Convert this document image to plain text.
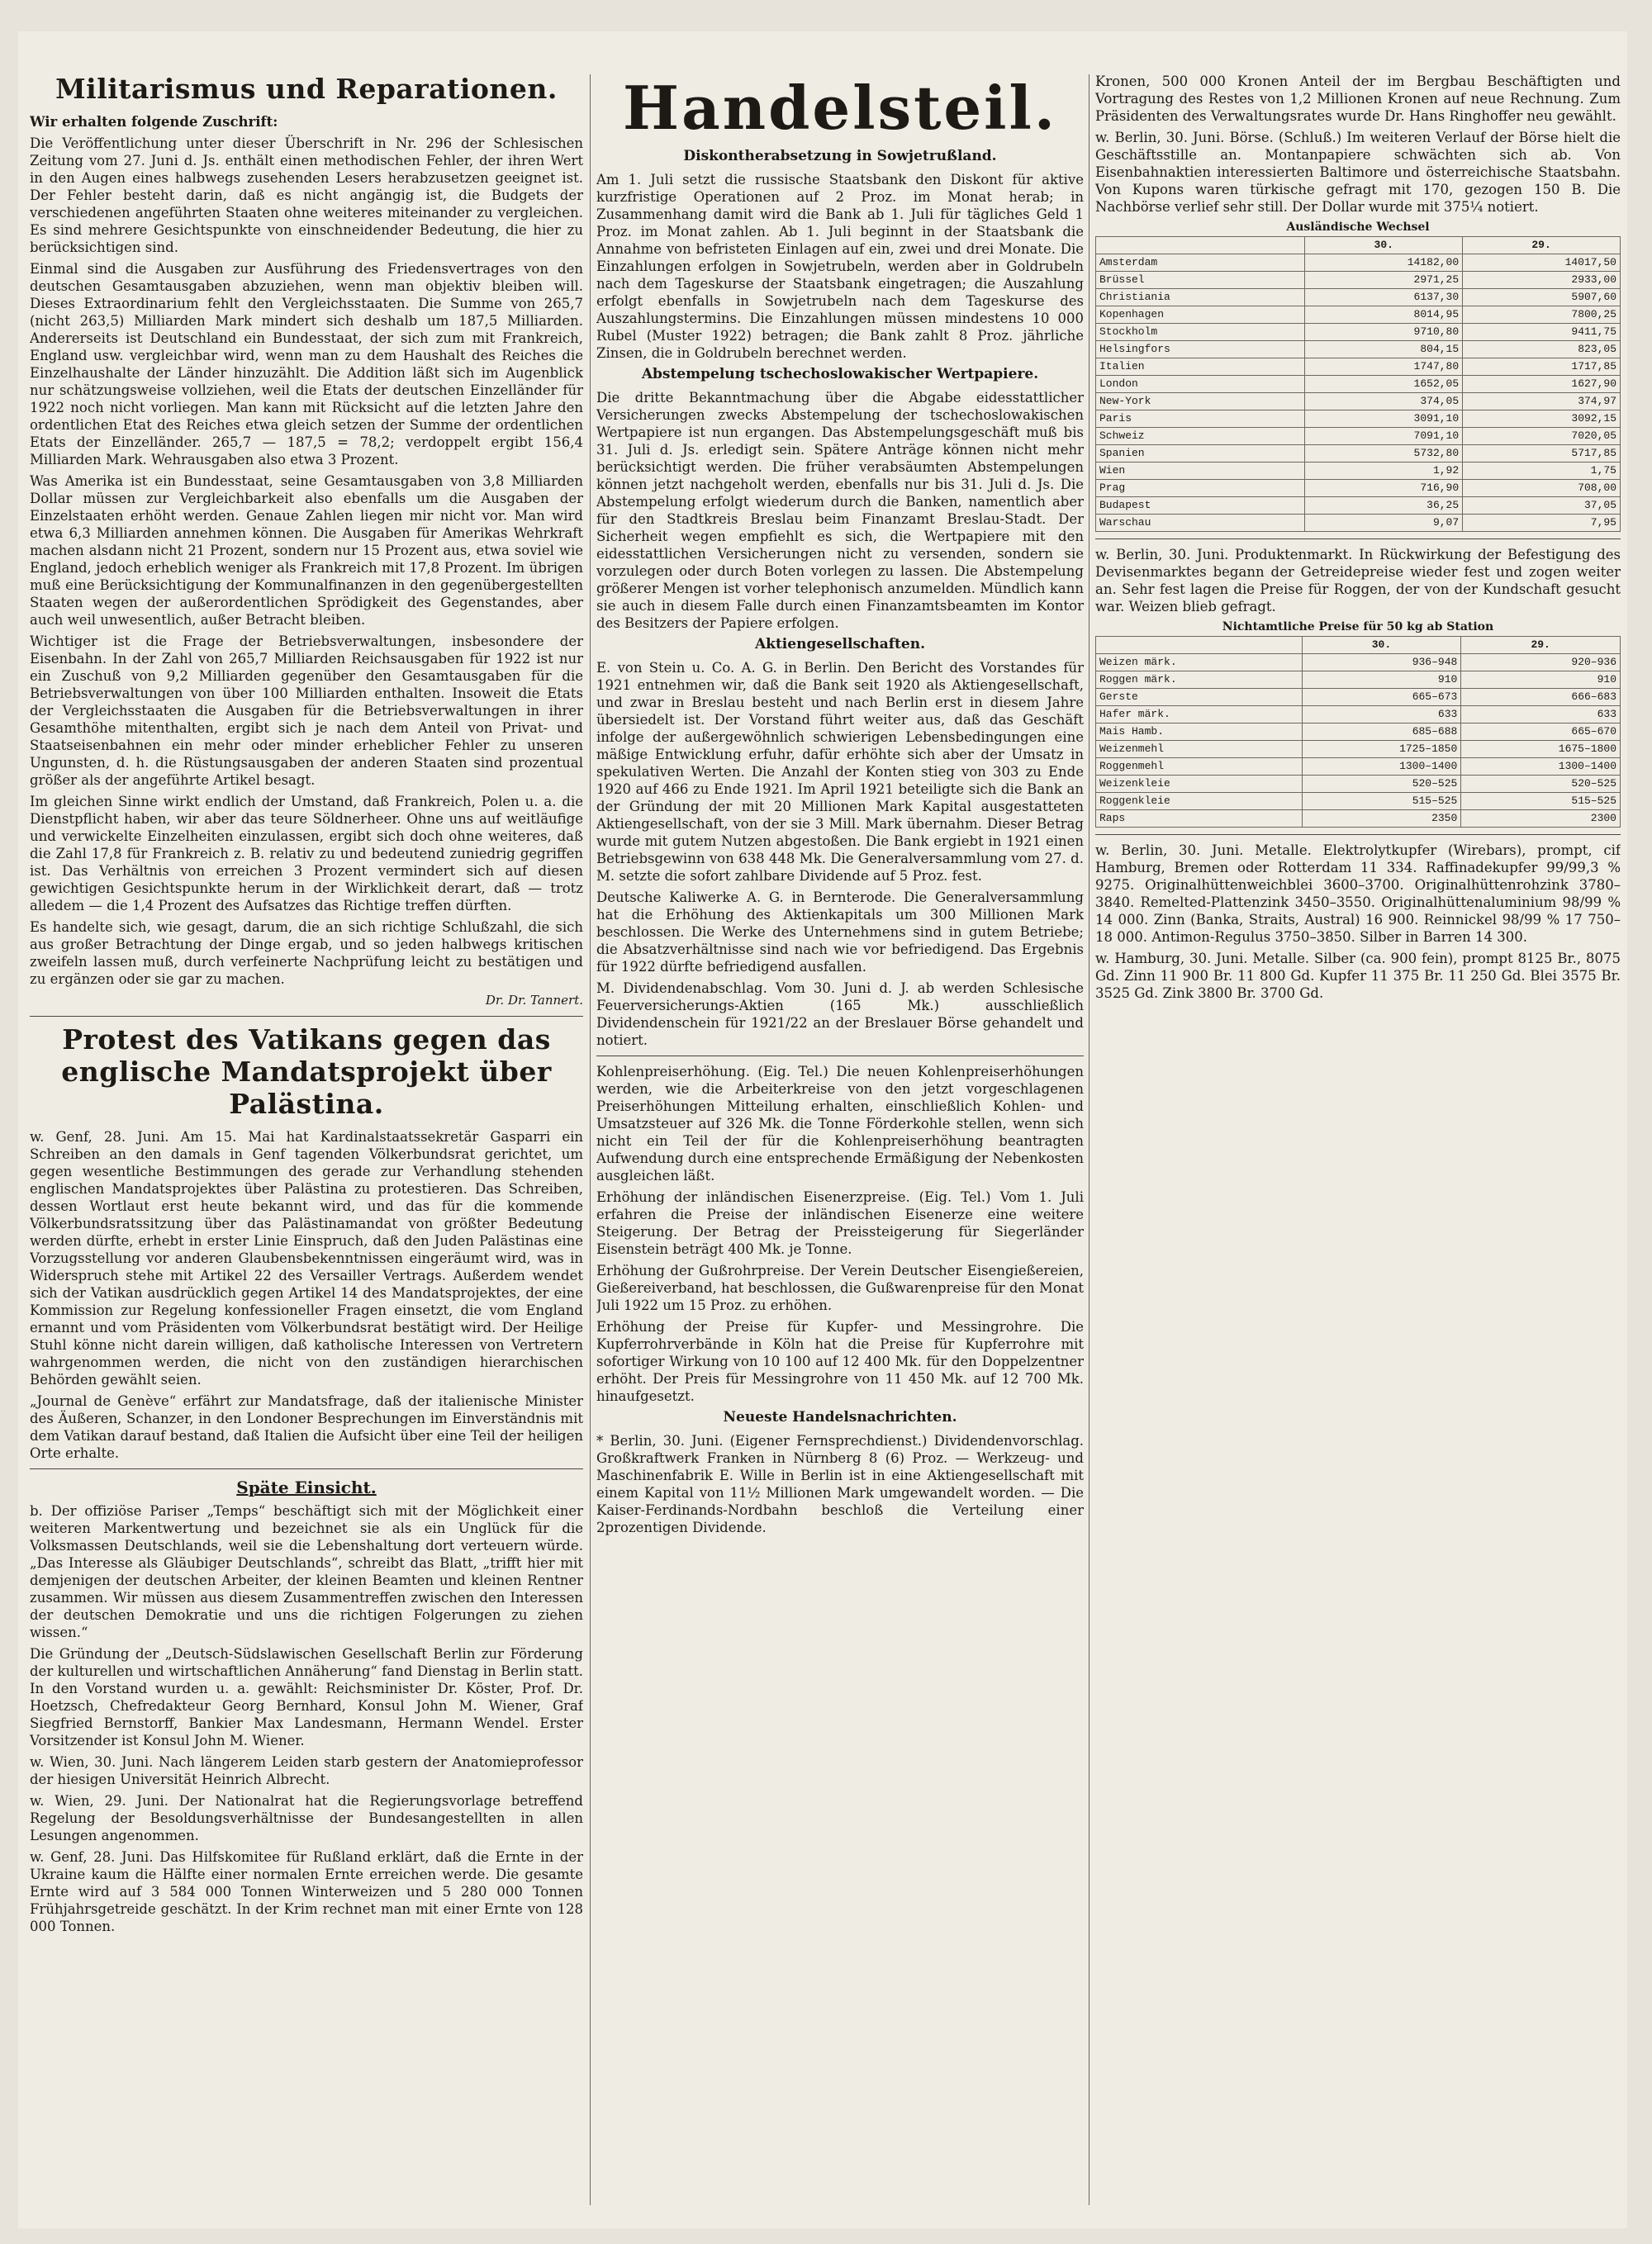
Militarismus und Reparationen.

Wir erhalten folgende Zuschrift:

Die Veröffentlichung unter dieser Überschrift in Nr. 296 der Schlesischen Zeitung vom 27. Juni d. Js. enthält einen methodischen Fehler, der ihren Wert in den Augen eines halbwegs zusehenden Lesers herabzusetzen geeignet ist. Der Fehler besteht darin, daß es nicht angängig ist, die Budgets der verschiedenen angeführten Staaten ohne weiteres miteinander zu vergleichen. Es sind mehrere Gesichtspunkte von einschneidender Bedeutung, die hier zu berücksichtigen sind.

Einmal sind die Ausgaben zur Ausführung des Friedensvertrages von den deutschen Gesamtausgaben abzuziehen, wenn man objektiv bleiben will. Dieses Extraordinarium fehlt den Vergleichsstaaten. Die Summe von 265,7 (nicht 263,5) Milliarden Mark mindert sich deshalb um 187,5 Milliarden. Andererseits ist Deutschland ein Bundesstaat, der sich zum mit Frankreich, England usw. vergleichbar wird, wenn man zu dem Haushalt des Reiches die Einzelhaushalte der Länder hinzuzählt. Die Addition läßt sich im Augenblick nur schätzungsweise vollziehen, weil die Etats der deutschen Einzelländer für 1922 noch nicht vorliegen. Man kann mit Rücksicht auf die letzten Jahre den ordentlichen Etat des Reiches etwa gleich setzen der Summe der ordentlichen Etats der Einzelländer. 265,7 — 187,5 = 78,2; verdoppelt ergibt 156,4 Milliarden Mark. Wehrausgaben also etwa 3 Prozent.

Was Amerika ist ein Bundesstaat, seine Gesamtausgaben von 3,8 Milliarden Dollar müssen zur Vergleichbarkeit also ebenfalls um die Ausgaben der Einzelstaaten erhöht werden. Genaue Zahlen liegen mir nicht vor. Man wird etwa 6,3 Milliarden annehmen können. Die Ausgaben für Amerikas Wehrkraft machen alsdann nicht 21 Prozent, sondern nur 15 Prozent aus, etwa soviel wie England, jedoch erheblich weniger als Frankreich mit 17,8 Prozent. Im übrigen muß eine Berücksichtigung der Kommunalfinanzen in den gegenübergestellten Staaten wegen der außerordentlichen Sprödigkeit des Gegenstandes, aber auch weil unwesentlich, außer Betracht bleiben.

Wichtiger ist die Frage der Betriebsverwaltungen, insbesondere der Eisenbahn. In der Zahl von 265,7 Milliarden Reichsausgaben für 1922 ist nur ein Zuschuß von 9,2 Milliarden gegenüber den Gesamtausgaben für die Betriebsverwaltungen von über 100 Milliarden enthalten. Insoweit die Etats der Vergleichsstaaten die Ausgaben für die Betriebsverwaltungen in ihrer Gesamthöhe mitenthalten, ergibt sich je nach dem Anteil von Privat- und Staatseisenbahnen ein mehr oder minder erheblicher Fehler zu unseren Ungunsten, d. h. die Rüstungsausgaben der anderen Staaten sind prozentual größer als der angeführte Artikel besagt.

Im gleichen Sinne wirkt endlich der Umstand, daß Frankreich, Polen u. a. die Dienstpflicht haben, wir aber das teure Söldnerheer. Ohne uns auf weitläufige und verwickelte Einzelheiten einzulassen, ergibt sich doch ohne weiteres, daß die Zahl 17,8 für Frankreich z. B. relativ zu und bedeutend zuniedrig gegriffen ist. Das Verhältnis von erreichen 3 Prozent vermindert sich auf diesen gewichtigen Gesichtspunkte herum in der Wirklichkeit derart, daß — trotz alledem — die 1,4 Prozent des Aufsatzes das Richtige treffen dürften.

Es handelte sich, wie gesagt, darum, die an sich richtige Schlußzahl, die sich aus großer Betrachtung der Dinge ergab, und so jeden halbwegs kritischen zweifeln lassen muß, durch verfeinerte Nachprüfung leicht zu bestätigen und zu ergänzen oder sie gar zu machen.

Dr. Dr. Tannert.

Protest des Vatikans gegen das englische Mandatsprojekt über Palästina.

w. Genf, 28. Juni. Am 15. Mai hat Kardinalstaatssekretär Gasparri ein Schreiben an den damals in Genf tagenden Völkerbundsrat gerichtet, um gegen wesentliche Bestimmungen des gerade zur Verhandlung stehenden englischen Mandatsprojektes über Palästina zu protestieren. Das Schreiben, dessen Wortlaut erst heute bekannt wird, und das für die kommende Völkerbundsratssitzung über das Palästinamandat von größter Bedeutung werden dürfte, erhebt in erster Linie Einspruch, daß den Juden Palästinas eine Vorzugsstellung vor anderen Glaubensbekenntnissen eingeräumt wird, was in Widerspruch stehe mit Artikel 22 des Versailler Vertrags. Außerdem wendet sich der Vatikan ausdrücklich gegen Artikel 14 des Mandatsprojektes, der eine Kommission zur Regelung konfessioneller Fragen einsetzt, die vom England ernannt und vom Präsidenten vom Völkerbundsrat bestätigt wird. Der Heilige Stuhl könne nicht darein willigen, daß katholische Interessen von Vertretern wahrgenommen werden, die nicht von den zuständigen hierarchischen Behörden gewählt seien.

„Journal de Genève“ erfährt zur Mandatsfrage, daß der italienische Minister des Äußeren, Schanzer, in den Londoner Besprechungen im Einverständnis mit dem Vatikan darauf bestand, daß Italien die Aufsicht über eine Teil der heiligen Orte erhalte.

Späte Einsicht.

b. Der offiziöse Pariser „Temps“ beschäftigt sich mit der Möglichkeit einer weiteren Markentwertung und bezeichnet sie als ein Unglück für die Volksmassen Deutschlands, weil sie die Lebenshaltung dort verteuern würde. „Das Interesse als Gläubiger Deutschlands“, schreibt das Blatt, „trifft hier mit demjenigen der deutschen Arbeiter, der kleinen Beamten und kleinen Rentner zusammen. Wir müssen aus diesem Zusammentreffen zwischen den Interessen der deutschen Demokratie und uns die richtigen Folgerungen zu ziehen wissen.“

Die Gründung der „Deutsch-Südslawischen Gesellschaft Berlin zur Förderung der kulturellen und wirtschaftlichen Annäherung“ fand Dienstag in Berlin statt. In den Vorstand wurden u. a. gewählt: Reichsminister Dr. Köster, Prof. Dr. Hoetzsch, Chefredakteur Georg Bernhard, Konsul John M. Wiener, Graf Siegfried Bernstorff, Bankier Max Landesmann, Hermann Wendel. Erster Vorsitzender ist Konsul John M. Wiener.

w. Wien, 30. Juni. Nach längerem Leiden starb gestern der Anatomieprofessor der hiesigen Universität Heinrich Albrecht.

w. Wien, 29. Juni. Der Nationalrat hat die Regierungsvorlage betreffend Regelung der Besoldungsverhältnisse der Bundesangestellten in allen Lesungen angenommen.

w. Genf, 28. Juni. Das Hilfskomitee für Rußland erklärt, daß die Ernte in der Ukraine kaum die Hälfte einer normalen Ernte erreichen werde. Die gesamte Ernte wird auf 3 584 000 Tonnen Winterweizen und 5 280 000 Tonnen Frühjahrsgetreide geschätzt. In der Krim rechnet man mit einer Ernte von 128 000 Tonnen.

Handelsteil.
Diskontherabsetzung in Sowjetrußland.

Am 1. Juli setzt die russische Staatsbank den Diskont für aktive kurzfristige Operationen auf 2 Proz. im Monat herab; in Zusammenhang damit wird die Bank ab 1. Juli für tägliches Geld 1 Proz. im Monat zahlen. Ab 1. Juli beginnt in der Staatsbank die Annahme von befristeten Einlagen auf ein, zwei und drei Monate. Die Einzahlungen erfolgen in Sowjetrubeln, werden aber in Goldrubeln nach dem Tageskurse der Staatsbank eingetragen; die Auszahlung erfolgt ebenfalls in Sowjetrubeln nach dem Tageskurse des Auszahlungstermins. Die Einzahlungen müssen mindestens 10 000 Rubel (Muster 1922) betragen; die Bank zahlt 8 Proz. jährliche Zinsen, die in Goldrubeln berechnet werden.

Abstempelung tschechoslowakischer Wertpapiere.

Die dritte Bekanntmachung über die Abgabe eidesstattlicher Versicherungen zwecks Abstempelung der tschechoslowakischen Wertpapiere ist nun ergangen. Das Abstempelungsgeschäft muß bis 31. Juli d. Js. erledigt sein. Spätere Anträge können nicht mehr berücksichtigt werden. Die früher verabsäumten Abstempelungen können jetzt nachgeholt werden, ebenfalls nur bis 31. Juli d. Js. Die Abstempelung erfolgt wiederum durch die Banken, namentlich aber für den Stadtkreis Breslau beim Finanzamt Breslau-Stadt. Der Sicherheit wegen empfiehlt es sich, die Wertpapiere mit den eidesstattlichen Versicherungen nicht zu versenden, sondern sie vorzulegen oder durch Boten vorlegen zu lassen. Die Abstempelung größerer Mengen ist vorher telephonisch anzumelden. Mündlich kann sie auch in diesem Falle durch einen Finanzamtsbeamten im Kontor des Besitzers der Papiere erfolgen.

Aktiengesellschaften.

E. von Stein u. Co. A. G. in Berlin. Den Bericht des Vorstandes für 1921 entnehmen wir, daß die Bank seit 1920 als Aktiengesellschaft, und zwar in Breslau besteht und nach Berlin erst in diesem Jahre übersiedelt ist. Der Vorstand führt weiter aus, daß das Geschäft infolge der außergewöhnlich schwierigen Lebensbedingungen eine mäßige Entwicklung erfuhr, dafür erhöhte sich aber der Umsatz in spekulativen Werten. Die Anzahl der Konten stieg von 303 zu Ende 1920 auf 466 zu Ende 1921. Im April 1921 beteiligte sich die Bank an der Gründung der mit 20 Millionen Mark Kapital ausgestatteten Aktiengesellschaft, von der sie 3 Mill. Mark übernahm. Dieser Betrag wurde mit gutem Nutzen abgestoßen. Die Bank ergiebt in 1921 einen Betriebsgewinn von 638 448 Mk. Die Generalversammlung vom 27. d. M. setzte die sofort zahlbare Dividende auf 5 Proz. fest.

Deutsche Kaliwerke A. G. in Bernterode. Die Generalversammlung hat die Erhöhung des Aktienkapitals um 300 Millionen Mark beschlossen. Die Werke des Unternehmens sind in gutem Betriebe; die Absatzverhältnisse sind nach wie vor befriedigend. Das Ergebnis für 1922 dürfte befriedigend ausfallen.

M. Dividendenabschlag. Vom 30. Juni d. J. ab werden Schlesische Feuerversicherungs-Aktien (165 Mk.) ausschließlich Dividendenschein für 1921/22 an der Breslauer Börse gehandelt und notiert.

Kohlenpreiserhöhung. (Eig. Tel.) Die neuen Kohlenpreiserhöhungen werden, wie die Arbeiterkreise von den jetzt vorgeschlagenen Preiserhöhungen Mitteilung erhalten, einschließlich Kohlen- und Umsatzsteuer auf 326 Mk. die Tonne Förderkohle stellen, wenn sich nicht ein Teil der für die Kohlenpreiserhöhung beantragten Aufwendung durch eine entsprechende Ermäßigung der Nebenkosten ausgleichen läßt.

Erhöhung der inländischen Eisenerzpreise. (Eig. Tel.) Vom 1. Juli erfahren die Preise der inländischen Eisenerze eine weitere Steigerung. Der Betrag der Preissteigerung für Siegerländer Eisenstein beträgt 400 Mk. je Tonne.

Erhöhung der Gußrohrpreise. Der Verein Deutscher Eisengießereien, Gießereiverband, hat beschlossen, die Gußwarenpreise für den Monat Juli 1922 um 15 Proz. zu erhöhen.

Erhöhung der Preise für Kupfer- und Messingrohre. Die Kupferrohrverbände in Köln hat die Preise für Kupferrohre mit sofortiger Wirkung von 10 100 auf 12 400 Mk. für den Doppelzentner erhöht. Der Preis für Messingrohre von 11 450 Mk. auf 12 700 Mk. hinaufgesetzt.

Neueste Handelsnachrichten.

* Berlin, 30. Juni. (Eigener Fernsprechdienst.) Dividendenvorschlag. Großkraftwerk Franken in Nürnberg 8 (6) Proz. — Werkzeug- und Maschinenfabrik E. Wille in Berlin ist in eine Aktiengesellschaft mit einem Kapital von 11½ Millionen Mark umgewandelt worden. — Die Kaiser-Ferdinands-Nordbahn beschloß die Verteilung einer 2prozentigen Dividende.

Kronen, 500 000 Kronen Anteil der im Bergbau Beschäftigten und Vortragung des Restes von 1,2 Millionen Kronen auf neue Rechnung. Zum Präsidenten des Verwaltungsrates wurde Dr. Hans Ringhoffer neu gewählt.

w. Berlin, 30. Juni. Börse. (Schluß.) Im weiteren Verlauf der Börse hielt die Geschäftsstille an. Montanpapiere schwächten sich ab. Von Eisenbahnaktien interessierten Baltimore und österreichische Staatsbahn. Von Kupons waren türkische gefragt mit 170, gezogen 150 B. Die Nachbörse verlief sehr still. Der Dollar wurde mit 375¼ notiert.

Ausländische Wechsel
	30.	29.
Amsterdam	14182,00	14017,50
Brüssel	2971,25	2933,00
Christiania	6137,30	5907,60
Kopenhagen	8014,95	7800,25
Stockholm	9710,80	9411,75
Helsingfors	804,15	823,05
Italien	1747,80	1717,85
London	1652,05	1627,90
New-York	374,05	374,97
Paris	3091,10	3092,15
Schweiz	7091,10	7020,05
Spanien	5732,80	5717,85
Wien	1,92	1,75
Prag	716,90	708,00
Budapest	36,25	37,05
Warschau	9,07	7,95

w. Berlin, 30. Juni. Produktenmarkt. In Rückwirkung der Befestigung des Devisenmarktes begann der Getreidepreise wieder fest und zogen weiter an. Sehr fest lagen die Preise für Roggen, der von der Kundschaft gesucht war. Weizen blieb gefragt.

Nichtamtliche Preise für 50 kg ab Station
	30.	29.
Weizen märk.	936–948	920–936
Roggen märk.	910	910
Gerste	665–673	666–683
Hafer märk.	633	633
Mais Hamb.	685–688	665–670
Weizenmehl	1725–1850	1675–1800
Roggenmehl	1300–1400	1300–1400
Weizenkleie	520–525	520–525
Roggenkleie	515–525	515–525
Raps	2350	2300

w. Berlin, 30. Juni. Metalle. Elektrolytkupfer (Wirebars), prompt, cif Hamburg, Bremen oder Rotterdam 11 334. Raffinadekupfer 99/99,3 % 9275. Originalhüttenweichblei 3600–3700. Originalhüttenrohzink 3780–3840. Remelted-Plattenzink 3450–3550. Originalhüttenaluminium 98/99 % 14 000. Zinn (Banka, Straits, Austral) 16 900. Reinnickel 98/99 % 17 750–18 000. Antimon-Regulus 3750–3850. Silber in Barren 14 300.

w. Hamburg, 30. Juni. Metalle. Silber (ca. 900 fein), prompt 8125 Br., 8075 Gd. Zinn 11 900 Br. 11 800 Gd. Kupfer 11 375 Br. 11 250 Gd. Blei 3575 Br. 3525 Gd. Zink 3800 Br. 3700 Gd.
